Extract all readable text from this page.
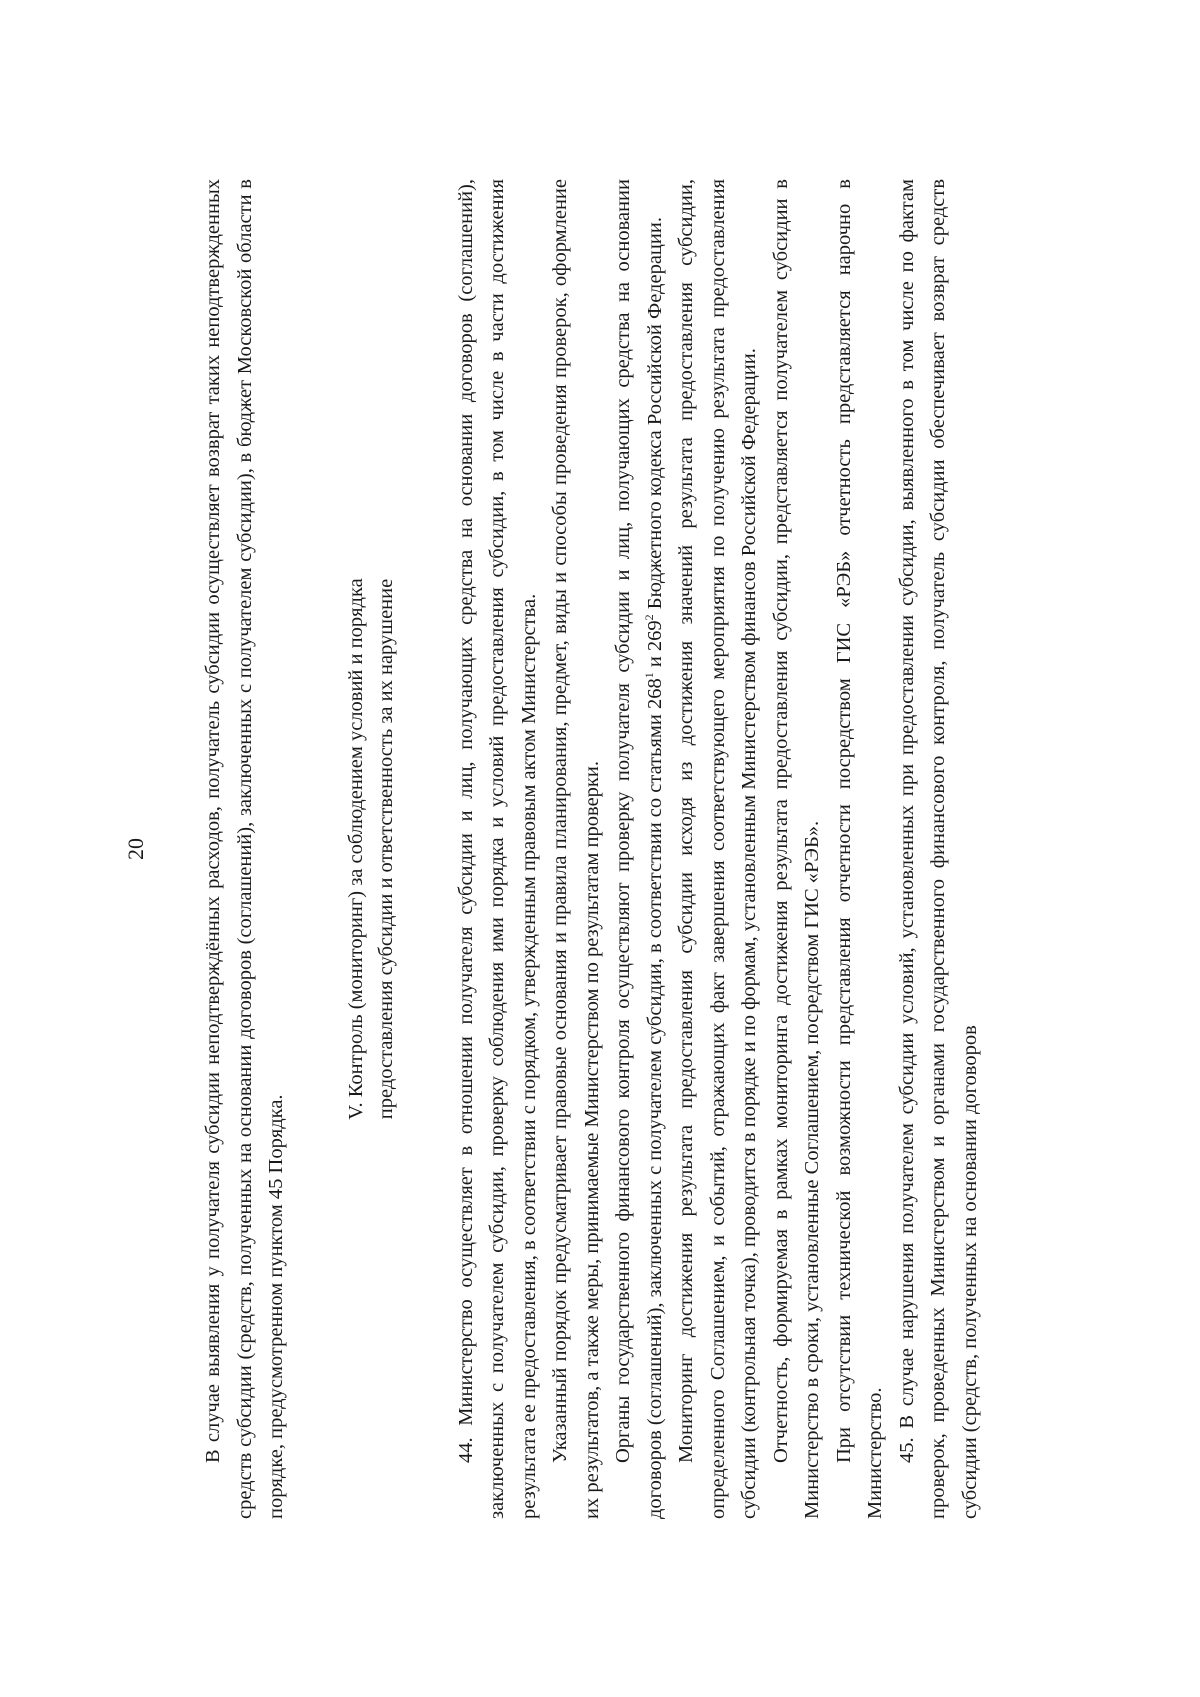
20	В случае выявления у получателя субсидии неподтверждённых расходов, получатель субсидии осуществляет возврат таких неподтвержденных средств субсидии (средств, полученных на основании договоров (соглашений), заключенных с получателем субсидии), в бюджет Московской области в порядке, предусмотренном пунктом 45 Порядка.

V. Контроль (мониторинг) за соблюдением условий и порядка предоставления субсидии и ответственность за их нарушение	44. Министерство осуществляет в отношении получателя субсидии и лиц, получающих средства на основании договоров (соглашений), заключенных с получателем субсидии, проверку соблюдения ими порядка и условий предоставления субсидии, в том числе в части достижения результата ее предоставления, в соответствии с порядком, утвержденным правовым актом Министерства. Указанный порядок предусматривает правовые основания и правила планирования, предмет, виды и способы проведения проверок, оформление их результатов, а также меры, принимаемые Министерством по результатам проверки. Органы государственного финансового контроля осуществляют проверку получателя субсидии и лиц, получающих средства на основании договоров (соглашений), заключенных с получателем субсидии, в соответствии со статьями $268^1$ и $269^2$ Бюджетного кодекса Российской Федерации. Мониторинг достижения результата предоставления субсидии исходя из достижения значений результата предоставления субсидии, определенного Соглашением, и событий, отражающих факт завершения соответствующего мероприятия по получению результата предоставления субсидии (контрольная точка), проводится в порядке и по формам, установленным Министерством финансов Российской Федерации. Отчетность, формируемая в рамках мониторинга достижения результата предоставления субсидии, представляется получателем субсидии в Министерство в сроки, установленные Соглашением, посредством ГИС «РЭБ». При отсутствии технической возможности представления отчетности посредством ГИС «РЭБ» отчетность представляется нарочно в Министерство. 45. В случае нарушения получателем субсидии условий, установленных при предоставлении субсидии, выявленного в том числе по фактам проверок, проведенных Министерством и органами государственного финансового контроля, получатель субсидии обеспечивает возврат средств субсидии (средств, полученных на основании договоров
